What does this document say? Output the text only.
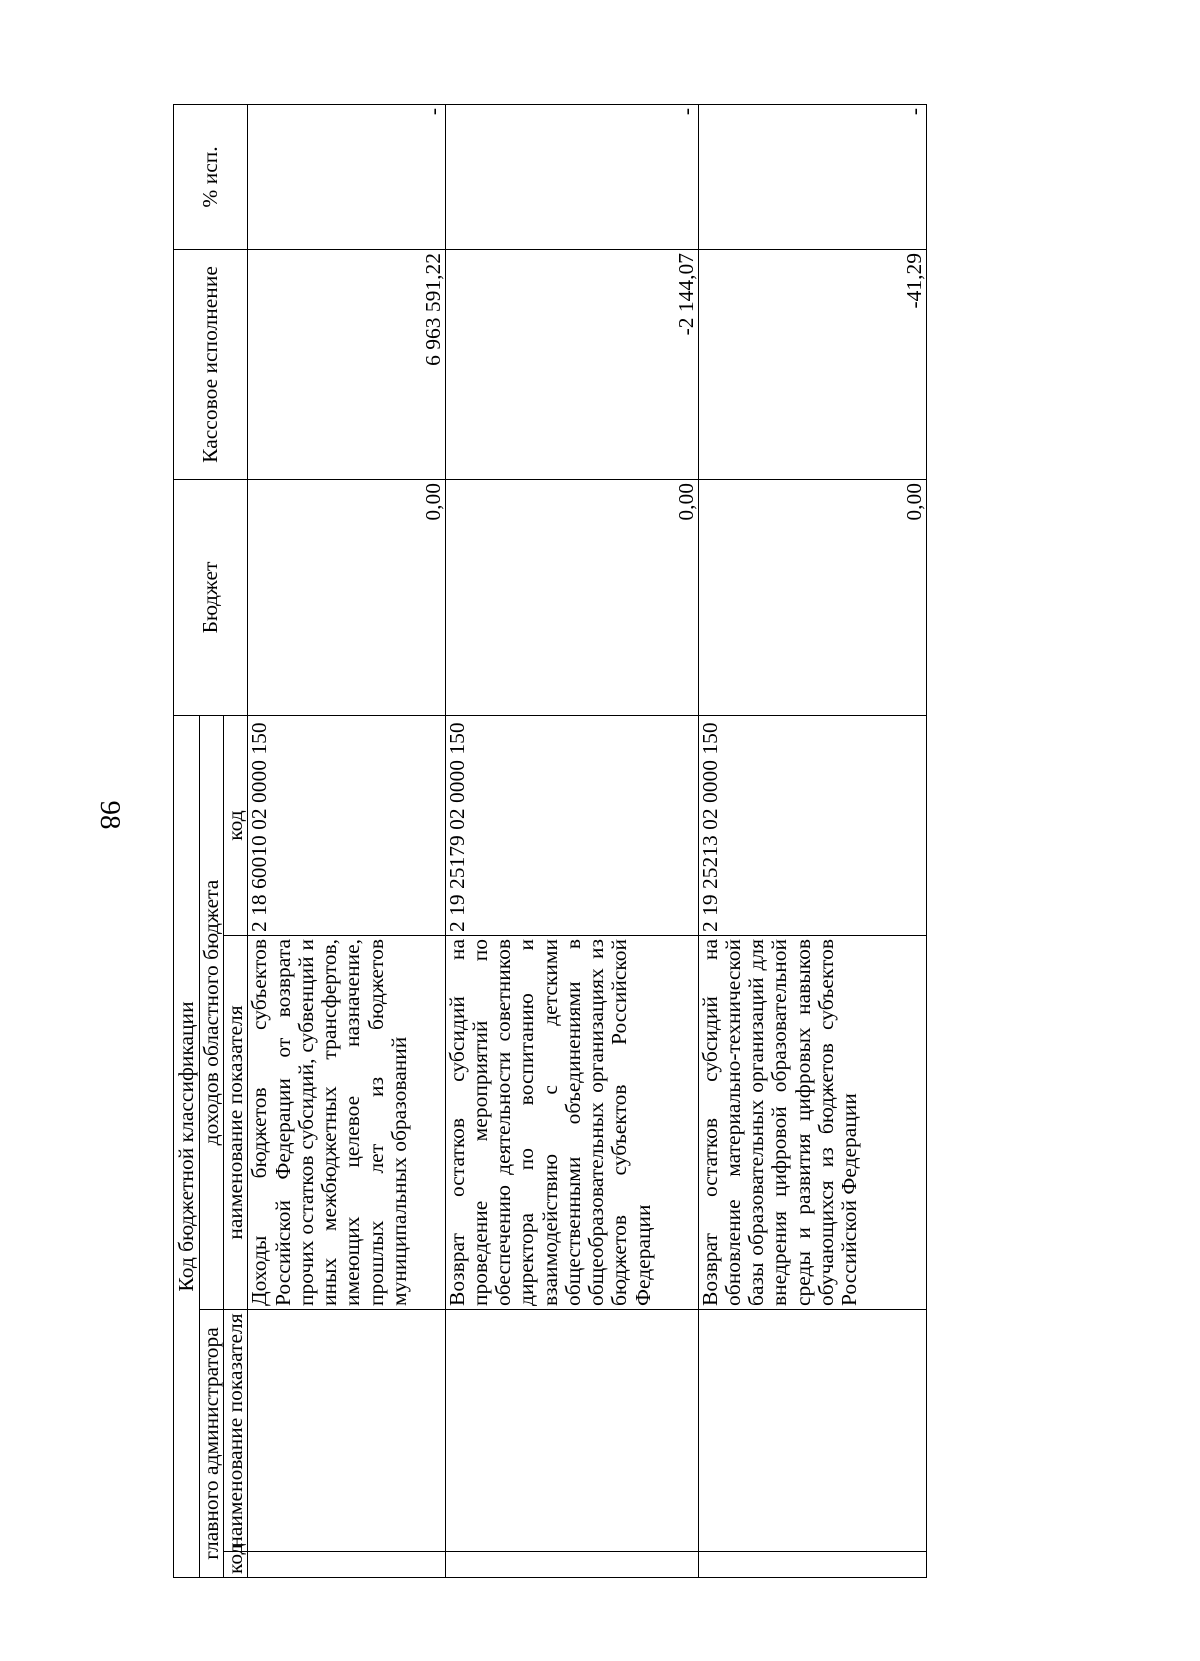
98
Код бюджетной классификации				Бюджет	Кассовое исполнение	% исп.
главного администратора		доходов областного бюджета				
код	наименование показателя	наименование показателя	код			
		Доходы бюджетов субъектов Российской Федерации от возврата прочих остатков субсидий, субвенций и иных межбюджетных трансфертов, имеющих целевое назначение, прошлых лет из бюджетов муниципальных образований	2 18 60010 02 0000 150	0,00	6 963 591,22	-
		Возврат остатков субсидий на проведение мероприятий по обеспечению деятельности советников директора по воспитанию и взаимодействию с детскими общественными объединениями в общеобразовательных организациях из бюджетов субъектов Российской Федерации	2 19 25179 02 0000 150	0,00	-2 144,07	-
		Возврат остатков субсидий на обновление материально-технической базы образовательных организаций для внедрения цифровой образовательной среды и развития цифровых навыков обучающихся из бюджетов субъектов Российской Федерации	2 19 25213 02 0000 150	0,00	-41,29	-
